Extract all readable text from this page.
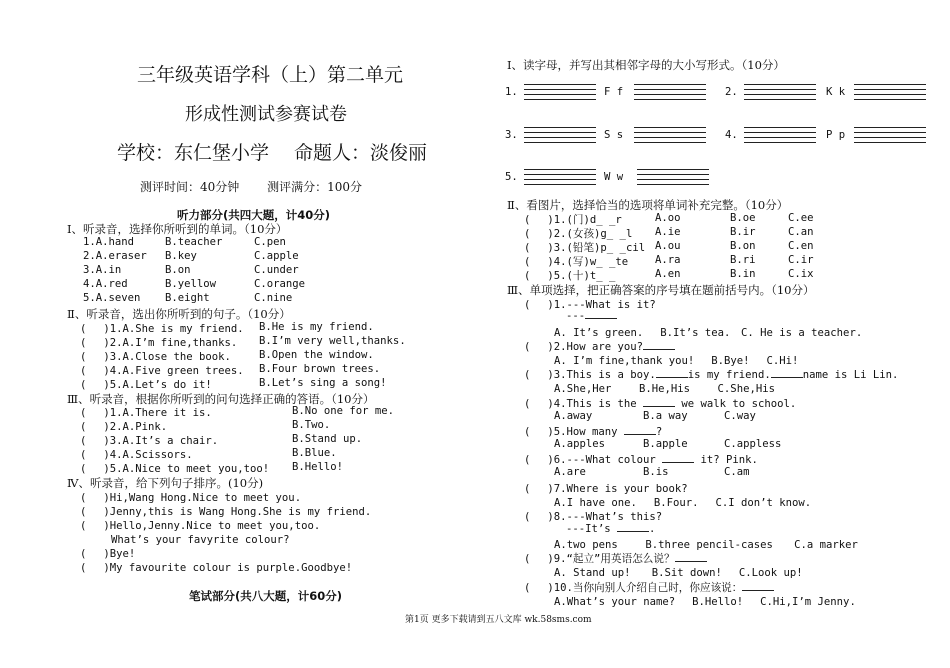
三年级英语学科（上）第二单元
形成性测试参赛试卷
学校：东仁堡小学　 命题人：淡俊丽
测评时间：40分钟　　 测评满分：100分
听力部分(共四大题，计40分)
Ⅰ、听录音，选择你所听到的单词。（10分）
1.A.hand	B.teacher	C.pen
2.A.eraser B.key	C.apple
3.A.in	B.on	C.under
4.A.red	B.yellow	C.orange
5.A.seven B.eight	C.nine
Ⅱ、听录音，选出你所听到的句子。（10分）
(　 )1.A.She is my friend. B.He is my friend.
(　 )2.A.I’m fine,thanks. B.I’m very well,thanks.
(　 )3.A.Close the book.	B.Open the window.
(　 )4.A.Five green trees. B.Four brown trees.
(　 )5.A.Let’s do it!	B.Let’s sing a song!
Ⅲ、听录音，根据你所听到的问句选择正确的答语。（10分）
(　 )1.A.There it is.	B.No one for me.
(　 )2.A.Pink.	B.Two.
(　 )3.A.It’s a chair.	B.Stand up.
(　 )4.A.Scissors.	B.Blue.
(　 )5.A.Nice to meet you,too! B.Hello!
Ⅳ、听录音，给下列句子排序。(10分)
(　 )Hi,Wang Hong.Nice to meet you.
(　 )Jenny,this is Wang Hong.She is my friend.
(　 )Hello,Jenny.Nice to meet you,too.
　 What’s your favyrite colour?
(　 )Bye!
(　 )My favourite colour is purple.Goodbye!
笔试部分(共八大题，计60分)
Ⅰ、读字母，并写出其相邻字母的大小写形式。（10分）
1.	F f	2.	K k
3.	S s	4.	P p
5.	W w
Ⅱ、看图片，选择恰当的选项将单词补充完整。（10分）
(　 )1.(门)d_ _r	A.oo	B.oe	C.ee
(　 )2.(女孩)g_ _l A.ie	B.ir	C.an
(　 )3.(铅笔)p_ _cil A.ou	B.on	C.en
(　 )4.(写)w_ _te	A.ra	B.ri	C.ir
(　 )5.(十)t_ _	A.en	B.in	C.ix
Ⅲ、单项选择，把正确答案的序号填在题前括号内。（10分）
(　 )1.---What is it?
---
A. It’s green.　 B.It’s tea.　C. He is a teacher.
(　 )2.How are you?
A. I’m fine,thank you!　 B.Bye!　 C.Hi!
(　 )3.This is a boy.	is my friend.	name is Li Lin.
A.She,Her　　 B.He,His　　 C.She,His
(　 )4.This is the	we walk to school.
A.away	B.a way	C.way
(　 )5.How many	?
A.apples	B.apple	C.appless
(　 )6.---What colour	it? Pink.
A.are	B.is	C.am
(　 )7.Where is your book?
A.I have one.　 B.Four.　 C.I don’t know.
(　 )8.---What’s this?
---It’s	.
A.two pens　　 B.three pencil-cases　　C.a marker
(　 )9.“起立”用英语怎么说？
A. Stand up!　　B.Sit down!　 C.Look up!
(　 )10.当你向别人介绍自己时，你应该说：
A.What’s your name?　 B.Hello!　 C.Hi,I’m Jenny.
第1页 更多下载请到五八文库 wk.58sms.com
